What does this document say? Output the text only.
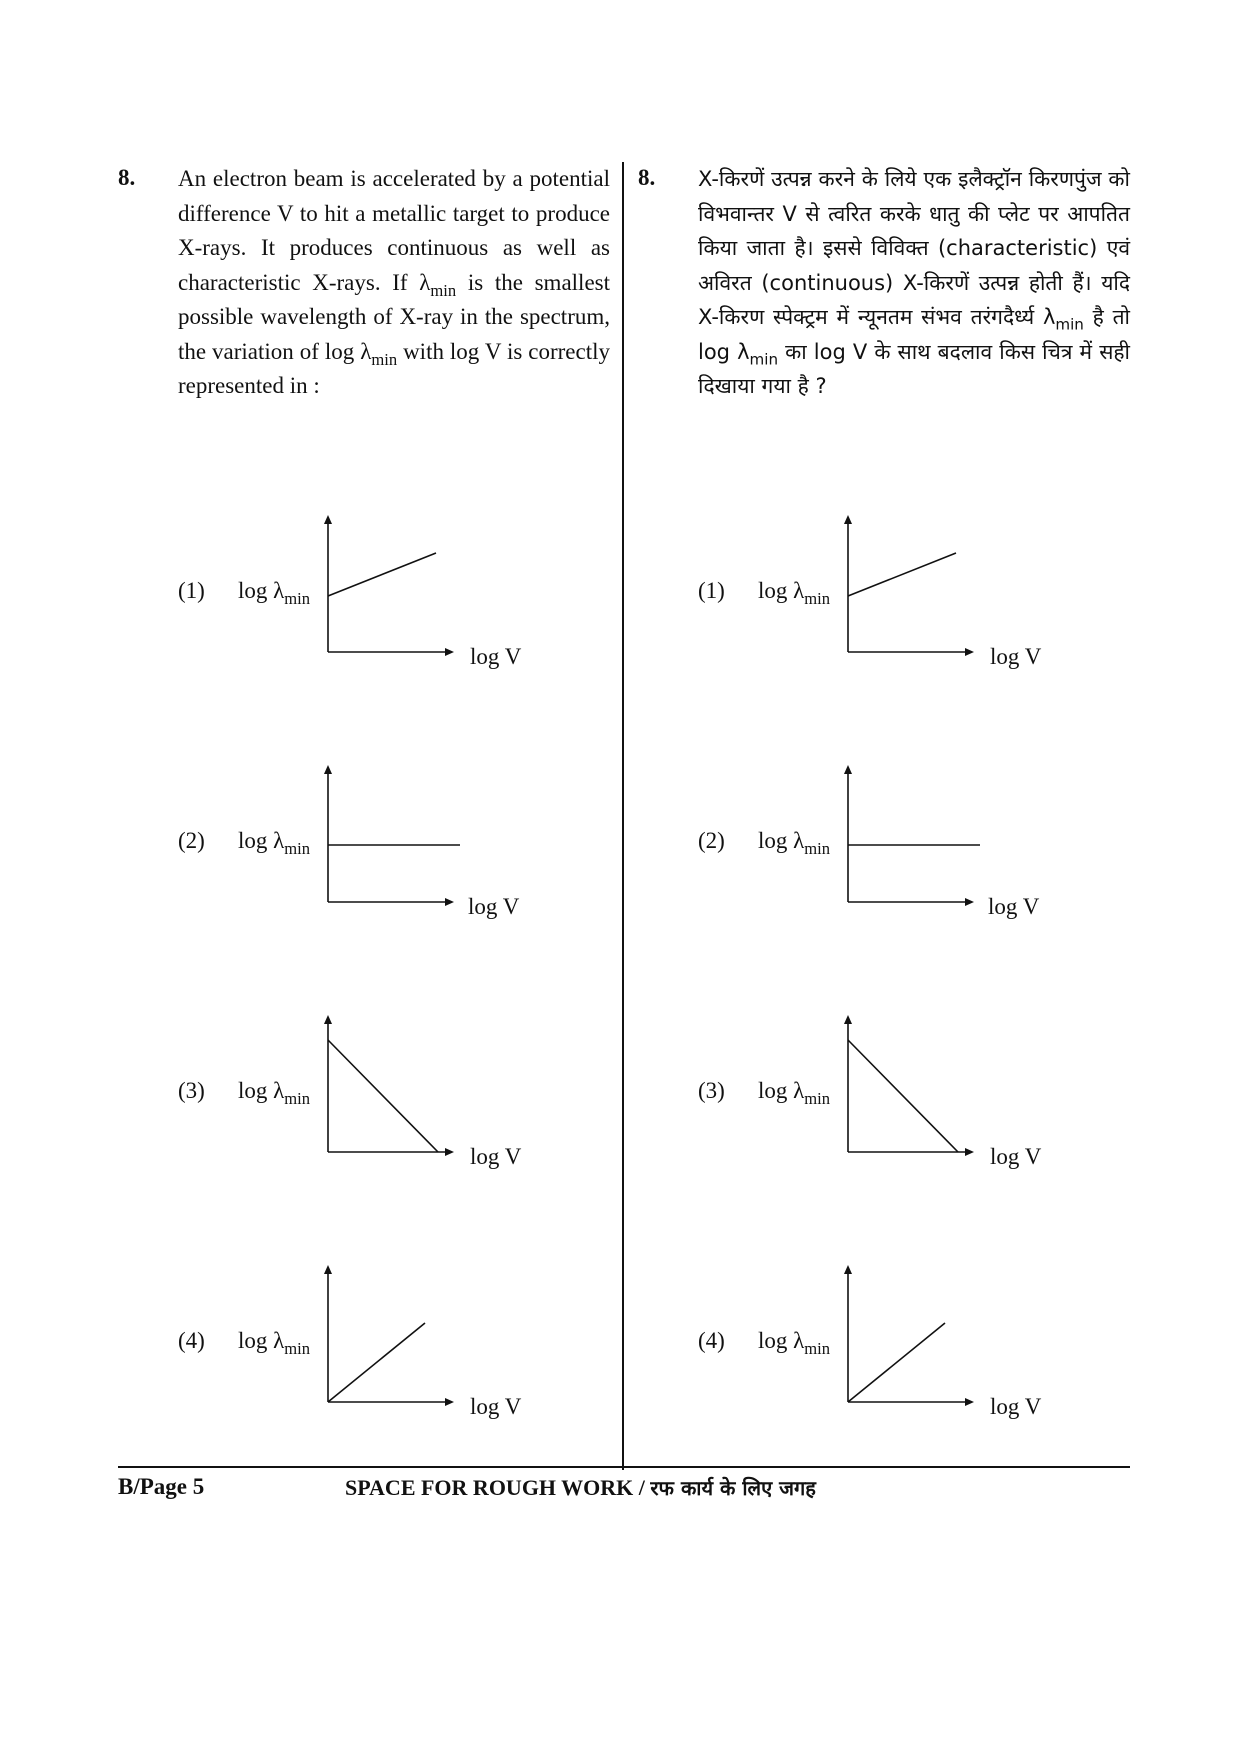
8. An electron beam is accelerated by a potential difference V to hit a metallic target to produce X-rays. It produces continuous as well as characteristic X-rays. If $\lambda_{min}$ is the smallest possible wavelength of X-ray in the spectrum, the variation of $\log \lambda_{min}$ with log V is correctly represented in :
(1) $\log \lambda_{min}$
log V
(2) $\log \lambda_{min}$
log V
(3) $\log \lambda_{min}$
log V
(4) $\log \lambda_{min}$
log V
8. X-किरणें उत्पन्न करने के लिये एक इलैक्ट्रॉन किरणपुंज को विभवान्तर V से त्वरित करके धातु की प्लेट पर आपतित किया जाता है। इससे विविक्त (characteristic) एवं अविरत (continuous) X-किरणें उत्पन्न होती हैं। यदि X-किरण स्पेक्ट्रम में न्यूनतम संभव तरंगदैर्ध्य $\lambda_{min}$ है तो $\log \lambda_{min}$ का log V के साथ बदलाव किस चित्र में सही दिखाया गया है ?
(1) $\log \lambda_{min}$
log V
(2) $\log \lambda_{min}$
log V
(3) $\log \lambda_{min}$
log V
(4) $\log \lambda_{min}$
log V
B/Page 5	SPACE FOR ROUGH WORK / रफ कार्य के लिए जगह
